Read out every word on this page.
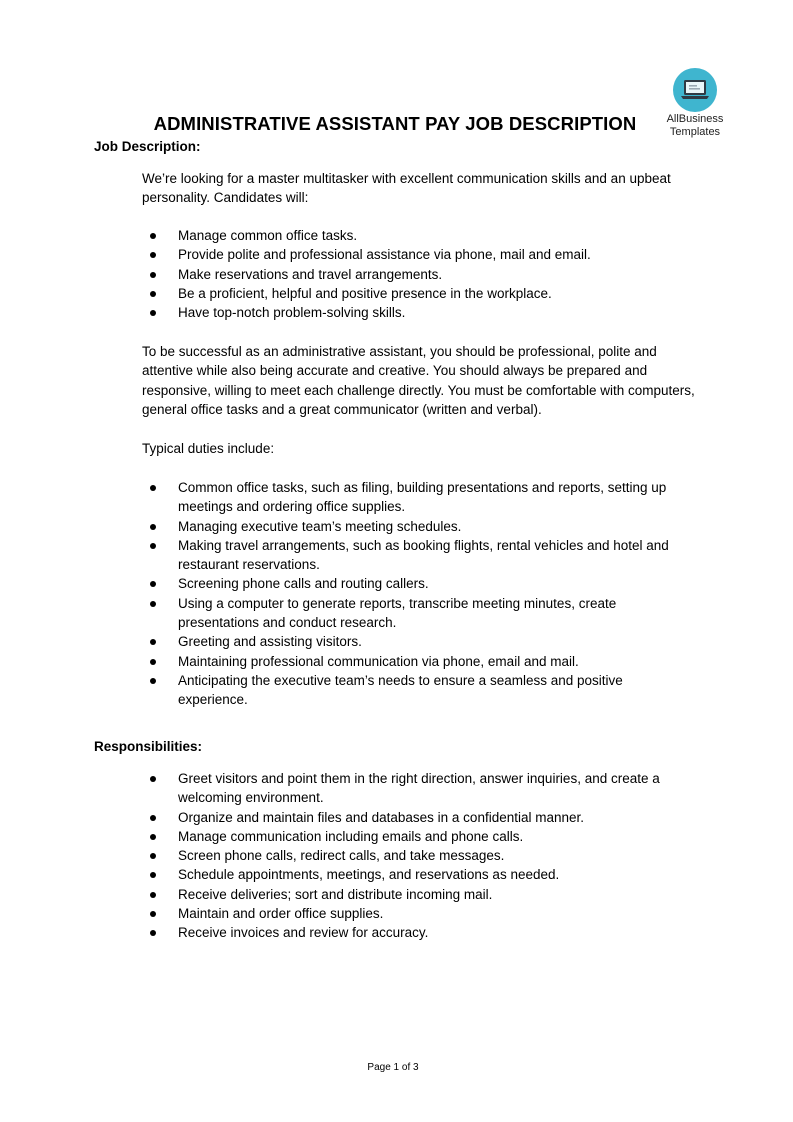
AllBusiness
Templates
ADMINISTRATIVE ASSISTANT PAY JOB DESCRIPTION
Job Description:
We’re looking for a master multitasker with excellent communication skills and an upbeat personality. Candidates will:
Manage common office tasks.
Provide polite and professional assistance via phone, mail and email.
Make reservations and travel arrangements.
Be a proficient, helpful and positive presence in the workplace.
Have top-notch problem-solving skills.
To be successful as an administrative assistant, you should be professional, polite and attentive while also being accurate and creative. You should always be prepared and responsive, willing to meet each challenge directly. You must be comfortable with computers, general office tasks and a great communicator (written and verbal).
Typical duties include:
Common office tasks, such as filing, building presentations and reports, setting up meetings and ordering office supplies.
Managing executive team’s meeting schedules.
Making travel arrangements, such as booking flights, rental vehicles and hotel and restaurant reservations.
Screening phone calls and routing callers.
Using a computer to generate reports, transcribe meeting minutes, create presentations and conduct research.
Greeting and assisting visitors.
Maintaining professional communication via phone, email and mail.
Anticipating the executive team’s needs to ensure a seamless and positive experience.
Responsibilities:
Greet visitors and point them in the right direction, answer inquiries, and create a welcoming environment.
Organize and maintain files and databases in a confidential manner.
Manage communication including emails and phone calls.
Screen phone calls, redirect calls, and take messages.
Schedule appointments, meetings, and reservations as needed.
Receive deliveries; sort and distribute incoming mail.
Maintain and order office supplies.
Receive invoices and review for accuracy.
Page 1 of 3
